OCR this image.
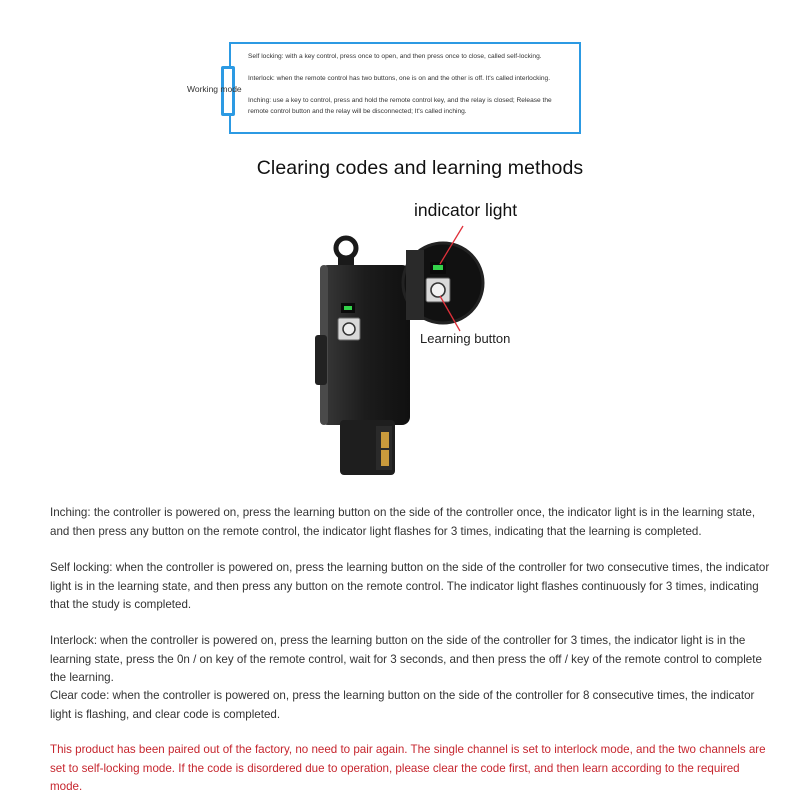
Self locking: with a key control, press once to open, and then press once to close, called self-locking.
Interlock: when the remote control has two buttons, one is on and the other is off. It's called interlocking.
Inching: use a key to control, press and hold the remote control key, and the relay is closed; Release the remote control button and the relay will be disconnected; It's called inching.
Working mode
Clearing codes and learning methods
indicator light
Learning button
Inching: the controller is powered on, press the learning button on the side of the controller once, the indicator light is in the learning state, and then press any button on the remote control, the indicator light flashes for 3 times, indicating that the learning is completed.
Self locking: when the controller is powered on, press the learning button on the side of the controller for two consecutive times, the indicator light is in the learning state, and then press any button on the remote control. The indicator light flashes continuously for 3 times, indicating that the study is completed.
Interlock: when the controller is powered on, press the learning button on the side of the controller for 3 times, the indicator light is in the learning state, press the 0n / on key of the remote control, wait for 3 seconds, and then press the off / key of the remote control to complete the learning.
Clear code: when the controller is powered on, press the learning button on the side of the controller for 8 consecutive times, the indicator light is flashing, and clear code is completed.
This product has been paired out of the factory, no need to pair again. The single channel is set to interlock mode, and the two channels are set to self-locking mode. If the code is disordered due to operation, please clear the code first, and then learn according to the required mode.
